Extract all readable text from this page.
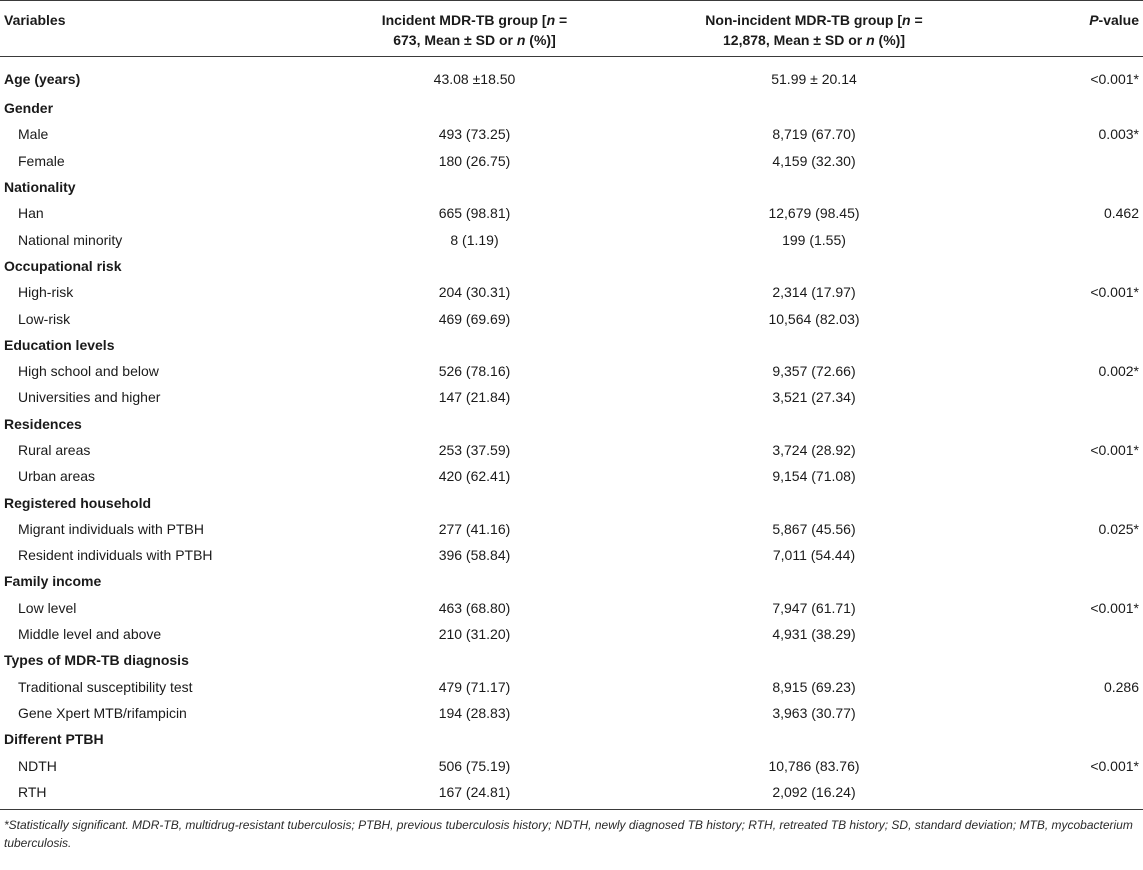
Variables	Incident MDR-TB group [n =
673, Mean ± SD or n (%)]	Non-incident MDR-TB group [n =
12,878, Mean ± SD or n (%)]	P-value
Age (years)	43.08 ±18.50	51.99 ± 20.14	<0.001*
Gender			
Male	493 (73.25)	8,719 (67.70)	0.003*
Female	180 (26.75)	4,159 (32.30)	
Nationality			
Han	665 (98.81)	12,679 (98.45)	0.462
National minority	8 (1.19)	199 (1.55)	
Occupational risk			
High-risk	204 (30.31)	2,314 (17.97)	<0.001*
Low-risk	469 (69.69)	10,564 (82.03)	
Education levels			
High school and below	526 (78.16)	9,357 (72.66)	0.002*
Universities and higher	147 (21.84)	3,521 (27.34)	
Residences			
Rural areas	253 (37.59)	3,724 (28.92)	<0.001*
Urban areas	420 (62.41)	9,154 (71.08)	
Registered household			
Migrant individuals with PTBH	277 (41.16)	5,867 (45.56)	0.025*
Resident individuals with PTBH	396 (58.84)	7,011 (54.44)	
Family income			
Low level	463 (68.80)	7,947 (61.71)	<0.001*
Middle level and above	210 (31.20)	4,931 (38.29)	
Types of MDR-TB diagnosis			
Traditional susceptibility test	479 (71.17)	8,915 (69.23)	0.286
Gene Xpert MTB/rifampicin	194 (28.83)	3,963 (30.77)	
Different PTBH			
NDTH	506 (75.19)	10,786 (83.76)	<0.001*
RTH	167 (24.81)	2,092 (16.24)	
*Statistically significant. MDR-TB, multidrug-resistant tuberculosis; PTBH, previous tuberculosis history; NDTH, newly diagnosed TB history; RTH, retreated TB history; SD, standard deviation; MTB, mycobacterium tuberculosis.
